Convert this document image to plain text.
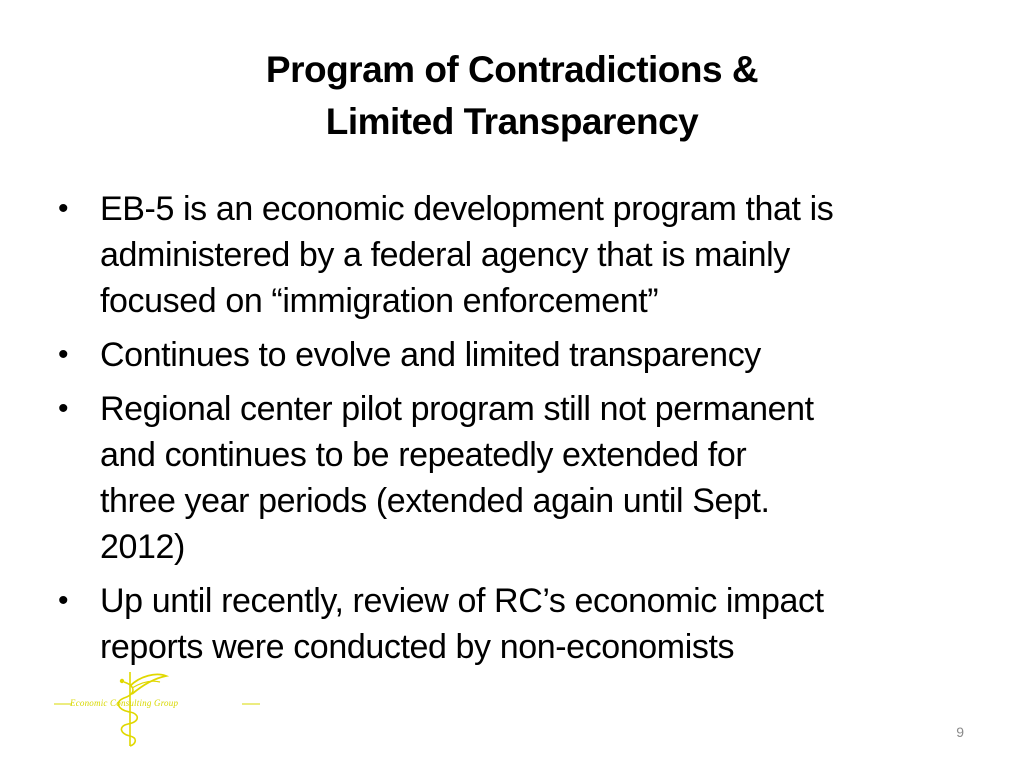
Program of Contradictions &
Limited Transparency
• EB-5 is an economic development program that is
administered by a federal agency that is mainly
focused on “immigration enforcement”
• Continues to evolve and limited transparency
• Regional center pilot program still not permanent
and continues to be repeatedly extended for
three year periods (extended again until Sept.
2012)
• Up until recently, review of RC’s economic impact
reports were conducted by non-economists
Economic Consulting Group
9
